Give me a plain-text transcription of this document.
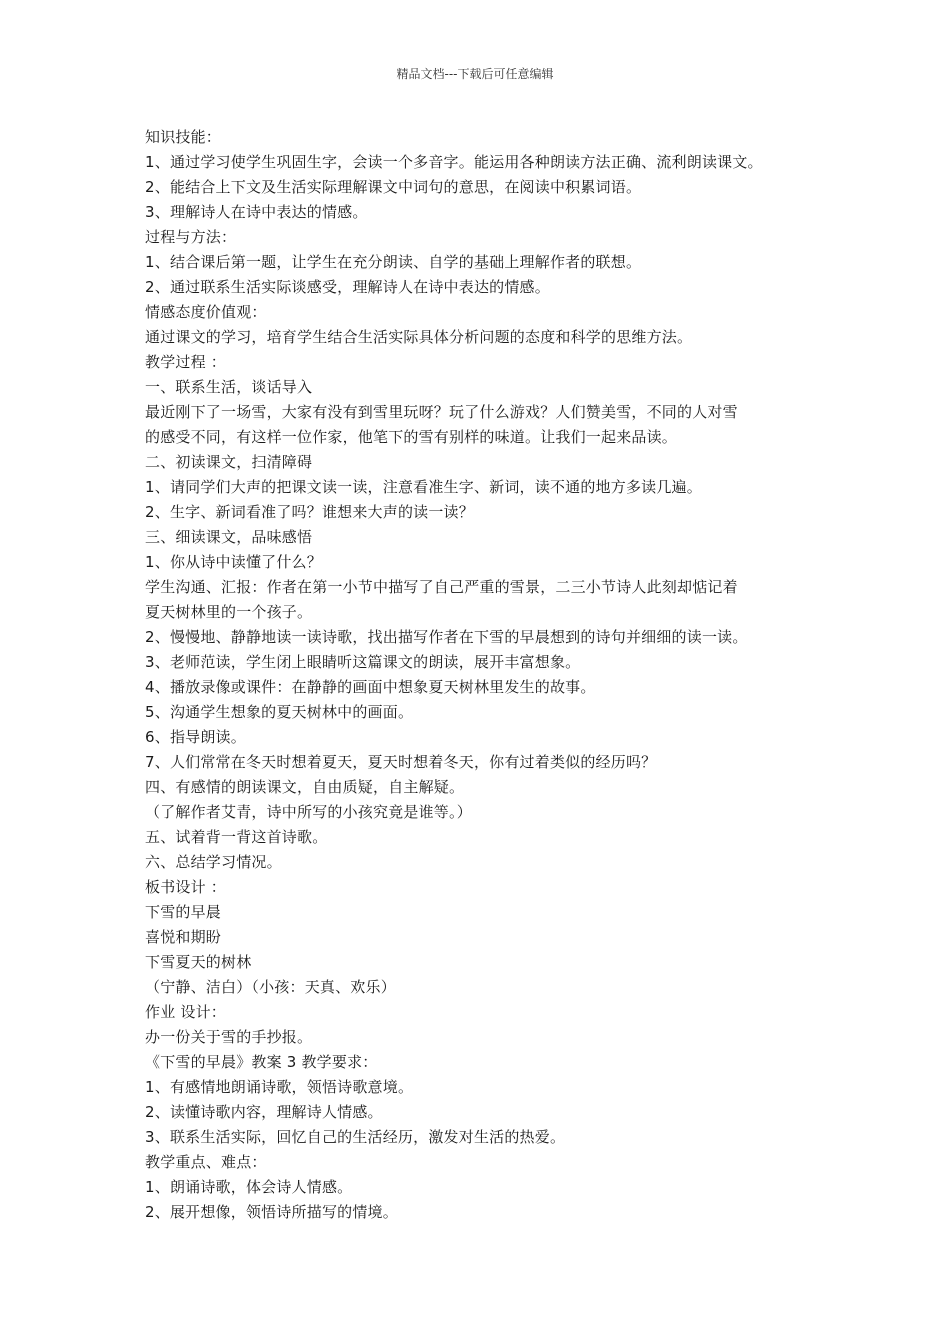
精品文档---下载后可任意编辑
知识技能：
1、通过学习使学生巩固生字，会读一个多音字。能运用各种朗读方法正确、流利朗读课文。
2、能结合上下文及生活实际理解课文中词句的意思，在阅读中积累词语。
3、理解诗人在诗中表达的情感。
过程与方法：
1、结合课后第一题，让学生在充分朗读、自学的基础上理解作者的联想。
2、通过联系生活实际谈感受，理解诗人在诗中表达的情感。
情感态度价值观：
通过课文的学习，培育学生结合生活实际具体分析问题的态度和科学的思维方法。
教学过程 ：
一、联系生活，谈话导入
最近刚下了一场雪，大家有没有到雪里玩呀？玩了什么游戏？人们赞美雪，不同的人对雪
的感受不同，有这样一位作家，他笔下的雪有别样的味道。让我们一起来品读。
二、初读课文，扫清障碍
1、请同学们大声的把课文读一读，注意看准生字、新词，读不通的地方多读几遍。
2、生字、新词看准了吗？谁想来大声的读一读？
三、细读课文，品味感悟
1、你从诗中读懂了什么？
学生沟通、汇报：作者在第一小节中描写了自己严重的雪景，二三小节诗人此刻却惦记着
夏天树林里的一个孩子。
2、慢慢地、静静地读一读诗歌，找出描写作者在下雪的早晨想到的诗句并细细的读一读。
3、老师范读，学生闭上眼睛听这篇课文的朗读，展开丰富想象。
4、播放录像或课件：在静静的画面中想象夏天树林里发生的故事。
5、沟通学生想象的夏天树林中的画面。
6、指导朗读。
7、人们常常在冬天时想着夏天，夏天时想着冬天，你有过着类似的经历吗？
四、有感情的朗读课文，自由质疑，自主解疑。
（了解作者艾青，诗中所写的小孩究竟是谁等。）
五、试着背一背这首诗歌。
六、总结学习情况。
板书设计 ：
下雪的早晨
喜悦和期盼
下雪夏天的树林
（宁静、洁白）（小孩：天真、欢乐）
作业 设计：
办一份关于雪的手抄报。
《下雪的早晨》教案 3 教学要求：
1、有感情地朗诵诗歌，领悟诗歌意境。
2、读懂诗歌内容，理解诗人情感。
3、联系生活实际，回忆自己的生活经历，激发对生活的热爱。
教学重点、难点：
1、朗诵诗歌，体会诗人情感。
2、展开想像，领悟诗所描写的情境。
